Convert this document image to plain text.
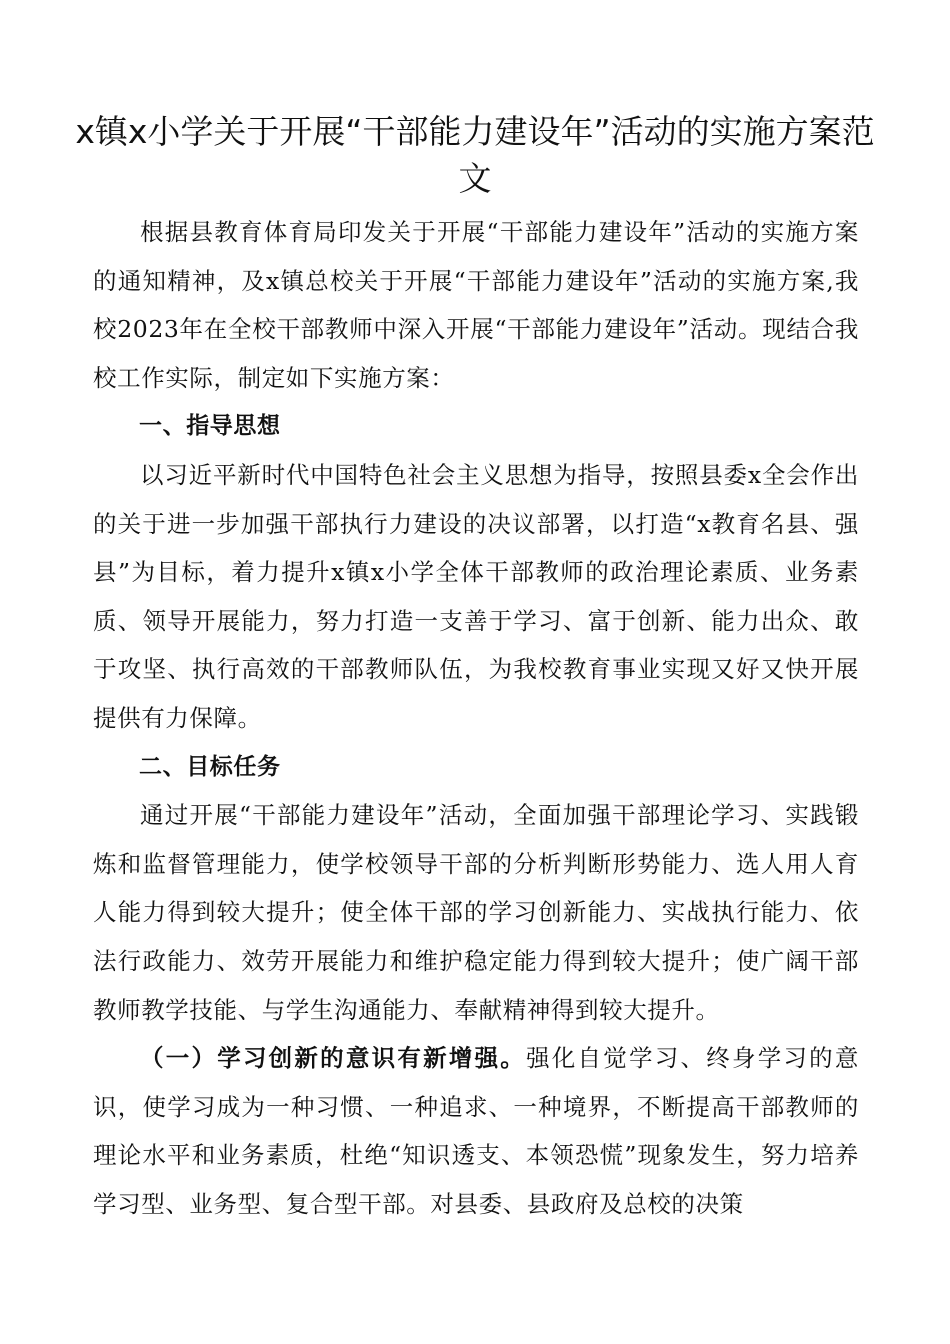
x镇x小学关于开展“干部能力建设年”活动的实施方案范文

根据县教育体育局印发关于开展“干部能力建设年”活动的实施方案的通知精神，及x镇总校关于开展“干部能力建设年”活动的实施方案,我校2023年在全校干部教师中深入开展“干部能力建设年”活动。现结合我校工作实际，制定如下实施方案：

一、指导思想

以习近平新时代中国特色社会主义思想为指导，按照县委x全会作出的关于进一步加强干部执行力建设的决议部署，以打造“x教育名县、强县”为目标，着力提升x镇x小学全体干部教师的政治理论素质、业务素质、领导开展能力，努力打造一支善于学习、富于创新、能力出众、敢于攻坚、执行高效的干部教师队伍，为我校教育事业实现又好又快开展提供有力保障。

二、目标任务

通过开展“干部能力建设年”活动，全面加强干部理论学习、实践锻炼和监督管理能力，使学校领导干部的分析判断形势能力、选人用人育人能力得到较大提升；使全体干部的学习创新能力、实战执行能力、依法行政能力、效劳开展能力和维护稳定能力得到较大提升；使广阔干部教师教学技能、与学生沟通能力、奉献精神得到较大提升。

（一）学习创新的意识有新增强。强化自觉学习、终身学习的意识，使学习成为一种习惯、一种追求、一种境界，不断提高干部教师的理论水平和业务素质，杜绝“知识透支、本领恐慌”现象发生，努力培养学习型、业务型、复合型干部。对县委、县政府及总校的决策
